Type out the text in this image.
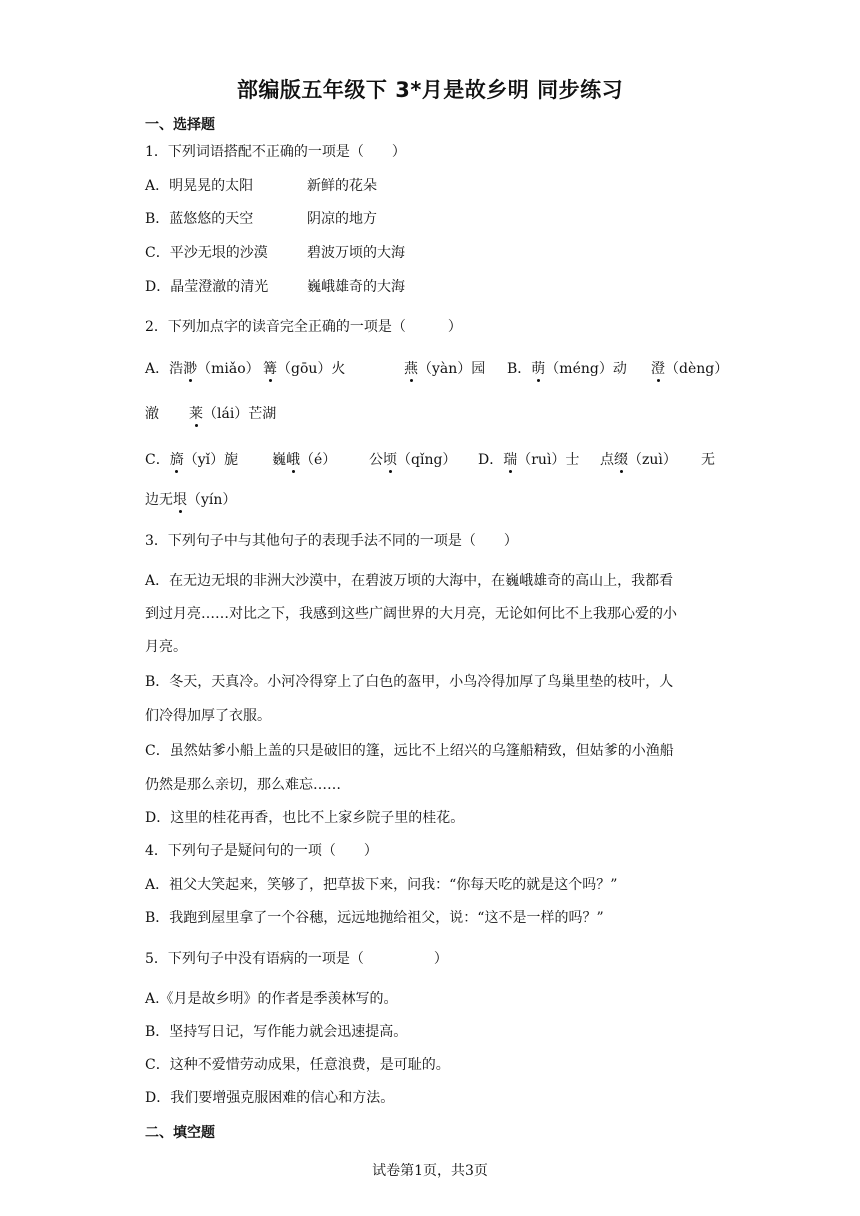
部编版五年级下 3*月是故乡明 同步练习
一、选择题
1．下列词语搭配不正确的一项是（　　）
A．明晃晃的太阳	新鲜的花朵
B．蓝悠悠的天空	阴凉的地方
C．平沙无垠的沙漠	碧波万顷的大海
D．晶莹澄澈的清光	巍峨雄奇的大海
2．下列加点字的读音完全正确的一项是（　　　）
A．浩渺（miǎo） 篝（gōu）火	燕（yàn）园 B．萌（méng）动 澄（dèng）
澈 莱（lái）芒湖
C．旖（yǐ）旎 巍峨（é） 公顷（qǐng） D．瑞（ruì）士 点缀（zuì） 无
边无垠（yín）
3．下列句子中与其他句子的表现手法不同的一项是（　　）
A．在无边无垠的非洲大沙漠中，在碧波万顷的大海中，在巍峨雄奇的高山上，我都看
到过月亮……对比之下，我感到这些广阔世界的大月亮，无论如何比不上我那心爱的小
月亮。
B．冬天，天真冷。小河冷得穿上了白色的盔甲，小鸟冷得加厚了鸟巢里垫的枝叶，人
们冷得加厚了衣服。
C．虽然姑爹小船上盖的只是破旧的篷，远比不上绍兴的乌篷船精致，但姑爹的小渔船
仍然是那么亲切，那么难忘……
D．这里的桂花再香，也比不上家乡院子里的桂花。
4．下列句子是疑问句的一项（　　）
A．祖父大笑起来，笑够了，把草拔下来，问我：“你每天吃的就是这个吗？”
B．我跑到屋里拿了一个谷穗，远远地抛给祖父，说：“这不是一样的吗？”
5．下列句子中没有语病的一项是（　　　　　）
A.《月是故乡明》的作者是季羡林写的。
B．坚持写日记，写作能力就会迅速提高。
C．这种不爱惜劳动成果，任意浪费，是可耻的。
D．我们要增强克服困难的信心和方法。
二、填空题
试卷第1页，共3页
